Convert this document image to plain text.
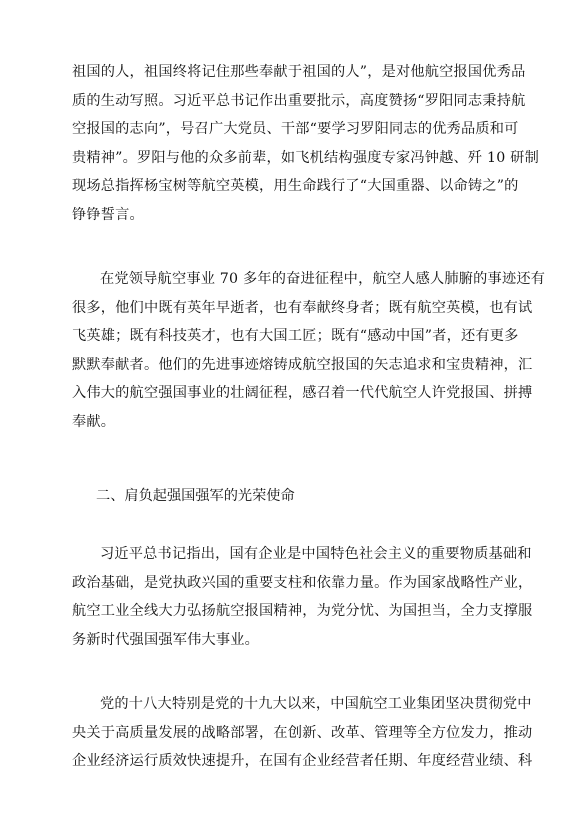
祖国的人，祖国终将记住那些奉献于祖国的人”，是对他航空报国优秀品
质的生动写照。习近平总书记作出重要批示，高度赞扬“罗阳同志秉持航
空报国的志向”，号召广大党员、干部“要学习罗阳同志的优秀品质和可
贵精神”。罗阳与他的众多前辈，如飞机结构强度专家冯钟越、歼 10 研制
现场总指挥杨宝树等航空英模，用生命践行了“大国重器、以命铸之”的
铮铮誓言。

在党领导航空事业 70 多年的奋进征程中，航空人感人肺腑的事迹还有
很多，他们中既有英年早逝者，也有奉献终身者；既有航空英模，也有试
飞英雄；既有科技英才，也有大国工匠；既有“感动中国”者，还有更多
默默奉献者。他们的先进事迹熔铸成航空报国的矢志追求和宝贵精神，汇
入伟大的航空强国事业的壮阔征程，感召着一代代航空人许党报国、拼搏
奉献。

二、肩负起强国强军的光荣使命

习近平总书记指出，国有企业是中国特色社会主义的重要物质基础和
政治基础，是党执政兴国的重要支柱和依靠力量。作为国家战略性产业，
航空工业全线大力弘扬航空报国精神，为党分忧、为国担当，全力支撑服
务新时代强国强军伟大事业。

党的十八大特别是党的十九大以来，中国航空工业集团坚决贯彻党中
央关于高质量发展的战略部署，在创新、改革、管理等全方位发力，推动
企业经济运行质效快速提升，在国有企业经营者任期、年度经营业绩、科
